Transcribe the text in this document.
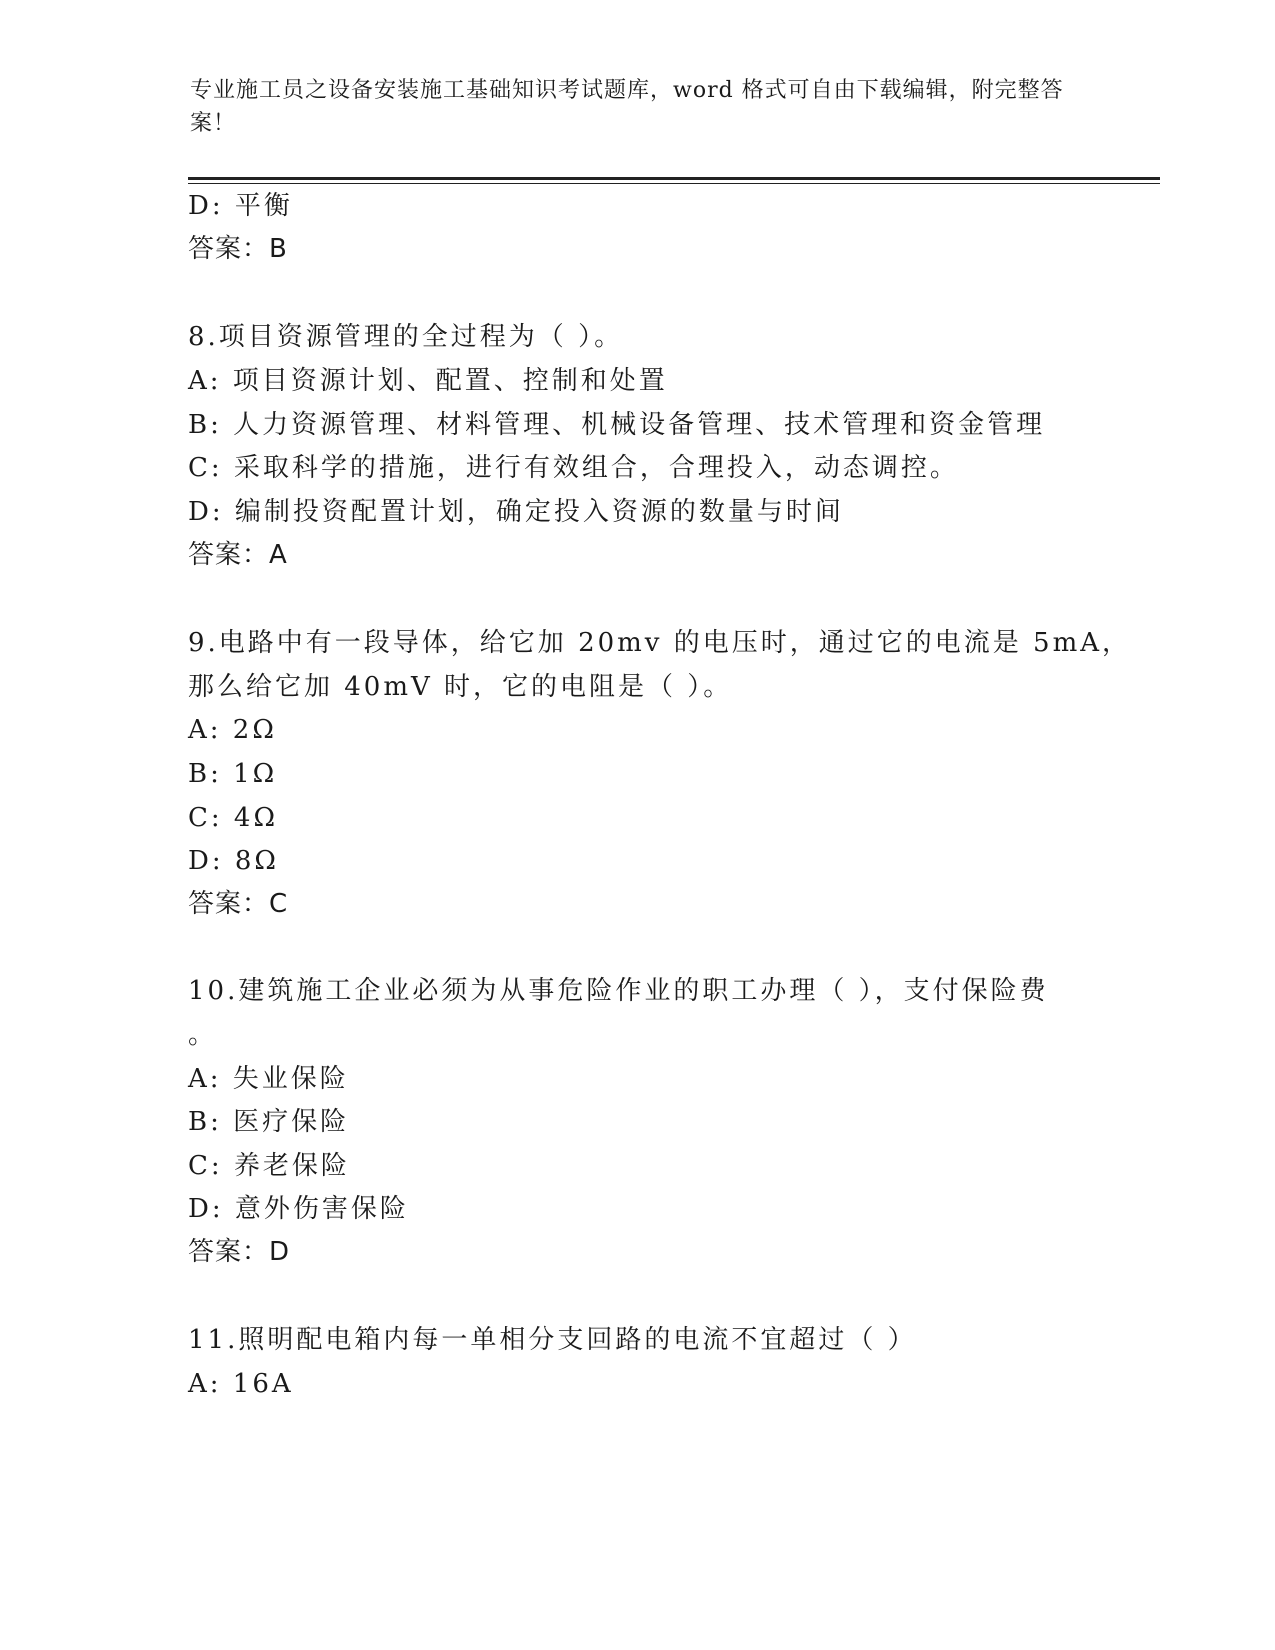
专业施工员之设备安装施工基础知识考试题库，word 格式可自由下载编辑，附完整答案！
D: 平衡
答案：B
8.项目资源管理的全过程为（ ）。
A: 项目资源计划、配置、控制和处置
B: 人力资源管理、材料管理、机械设备管理、技术管理和资金管理
C: 采取科学的措施，进行有效组合，合理投入，动态调控。
D: 编制投资配置计划，确定投入资源的数量与时间
答案：A
9.电路中有一段导体，给它加 20mv 的电压时，通过它的电流是 5mA，
那么给它加 40mV 时，它的电阻是（ ）。
A: 2Ω
B: 1Ω
C: 4Ω
D: 8Ω
答案：C
10.建筑施工企业必须为从事危险作业的职工办理（ ），支付保险费
。
A: 失业保险
B: 医疗保险
C: 养老保险
D: 意外伤害保险
答案：D
11.照明配电箱内每一单相分支回路的电流不宜超过（ ）
A: 16A
